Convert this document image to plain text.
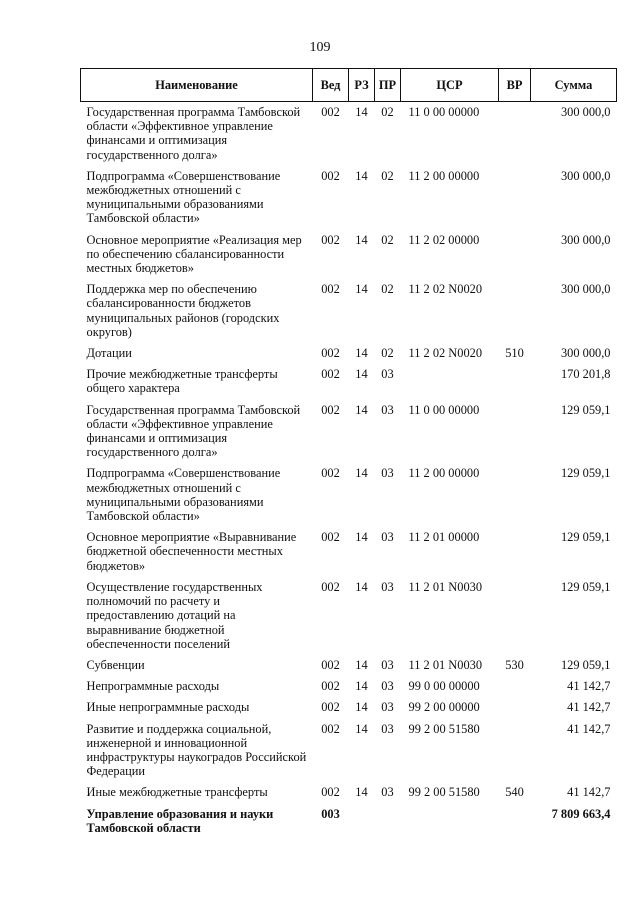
109
Наименование	Вед	РЗ	ПР	ЦСР	ВР	Сумма
Государственная программа Тамбовской области «Эффективное управление финансами и оптимизация государственного долга»	002	14	02	11 0 00 00000		300 000,0
Подпрограмма «Совершенствование межбюджетных отношений с муниципальными образованиями Тамбовской области»	002	14	02	11 2 00 00000		300 000,0
Основное мероприятие «Реализация мер по обеспечению сбалансированности местных бюджетов»	002	14	02	11 2 02 00000		300 000,0
Поддержка мер по обеспечению сбалансированности бюджетов муниципальных районов (городских округов)	002	14	02	11 2 02 N0020		300 000,0
Дотации	002	14	02	11 2 02 N0020	510	300 000,0
Прочие межбюджетные трансферты общего характера	002	14	03			170 201,8
Государственная программа Тамбовской области «Эффективное управление финансами и оптимизация государственного долга»	002	14	03	11 0 00 00000		129 059,1
Подпрограмма «Совершенствование межбюджетных отношений с муниципальными образованиями Тамбовской области»	002	14	03	11 2 00 00000		129 059,1
Основное мероприятие «Выравнивание бюджетной обеспеченности местных бюджетов»	002	14	03	11 2 01 00000		129 059,1
Осуществление государственных полномочий по расчету и предоставлению дотаций на выравнивание бюджетной обеспеченности поселений	002	14	03	11 2 01 N0030		129 059,1
Субвенции	002	14	03	11 2 01 N0030	530	129 059,1
Непрограммные расходы	002	14	03	99 0 00 00000		41 142,7
Иные непрограммные расходы	002	14	03	99 2 00 00000		41 142,7
Развитие и поддержка социальной, инженерной и инновационной инфраструктуры наукоградов Российской Федерации	002	14	03	99 2 00 51580		41 142,7
Иные межбюджетные трансферты	002	14	03	99 2 00 51580	540	41 142,7
Управление образования и науки Тамбовской области	003					7 809 663,4
